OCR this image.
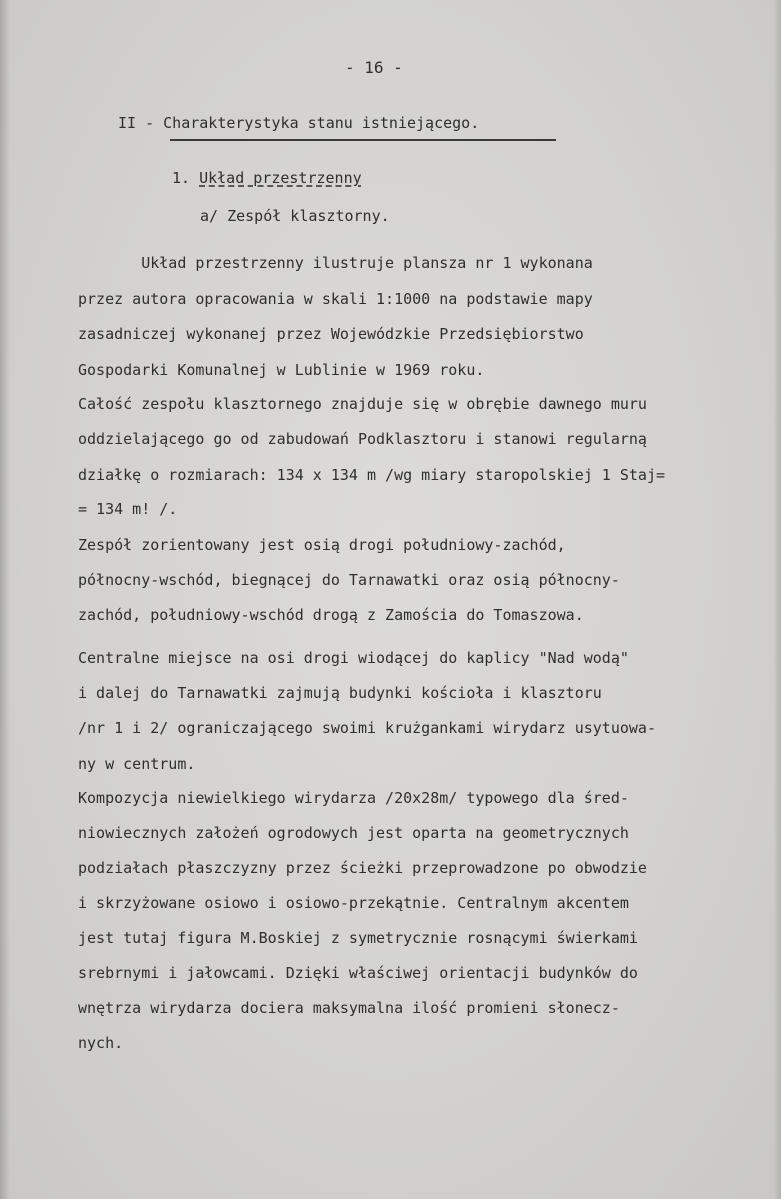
- 16 -
II - Charakterystyka stanu istniejącego.
1. Układ przestrzenny
a/ Zespół klasztorny.
Układ przestrzenny ilustruje plansza nr 1 wykonana
przez autora opracowania w skali 1:1000 na podstawie mapy
zasadniczej wykonanej przez Wojewódzkie Przedsiębiorstwo
Gospodarki Komunalnej w Lublinie w 1969 roku.
Całość zespołu klasztornego znajduje się w obrębie dawnego muru
oddzielającego go od zabudowań Podklasztoru i stanowi regularną
działkę o rozmiarach: 134 x 134 m /wg miary staropolskiej 1 Staj=
= 134 m! /.
Zespół zorientowany jest osią drogi południowy-zachód,
północny-wschód, biegnącej do Tarnawatki oraz osią północny-
zachód, południowy-wschód drogą z Zamościa do Tomaszowa.
Centralne miejsce na osi drogi wiodącej do kaplicy "Nad wodą"
i dalej do Tarnawatki zajmują budynki kościoła i klasztoru
/nr 1 i 2/ ograniczającego swoimi krużgankami wirydarz usytuowa-
ny w centrum.
Kompozycja niewielkiego wirydarza /20x28m/ typowego dla śred-
niowiecznych założeń ogrodowych jest oparta na geometrycznych
podziałach płaszczyzny przez ścieżki przeprowadzone po obwodzie
i skrzyżowane osiowo i osiowo-przekątnie. Centralnym akcentem
jest tutaj figura M.Boskiej z symetrycznie rosnącymi świerkami
srebrnymi i jałowcami. Dzięki właściwej orientacji budynków do
wnętrza wirydarza dociera maksymalna ilość promieni słonecz-
nych.
